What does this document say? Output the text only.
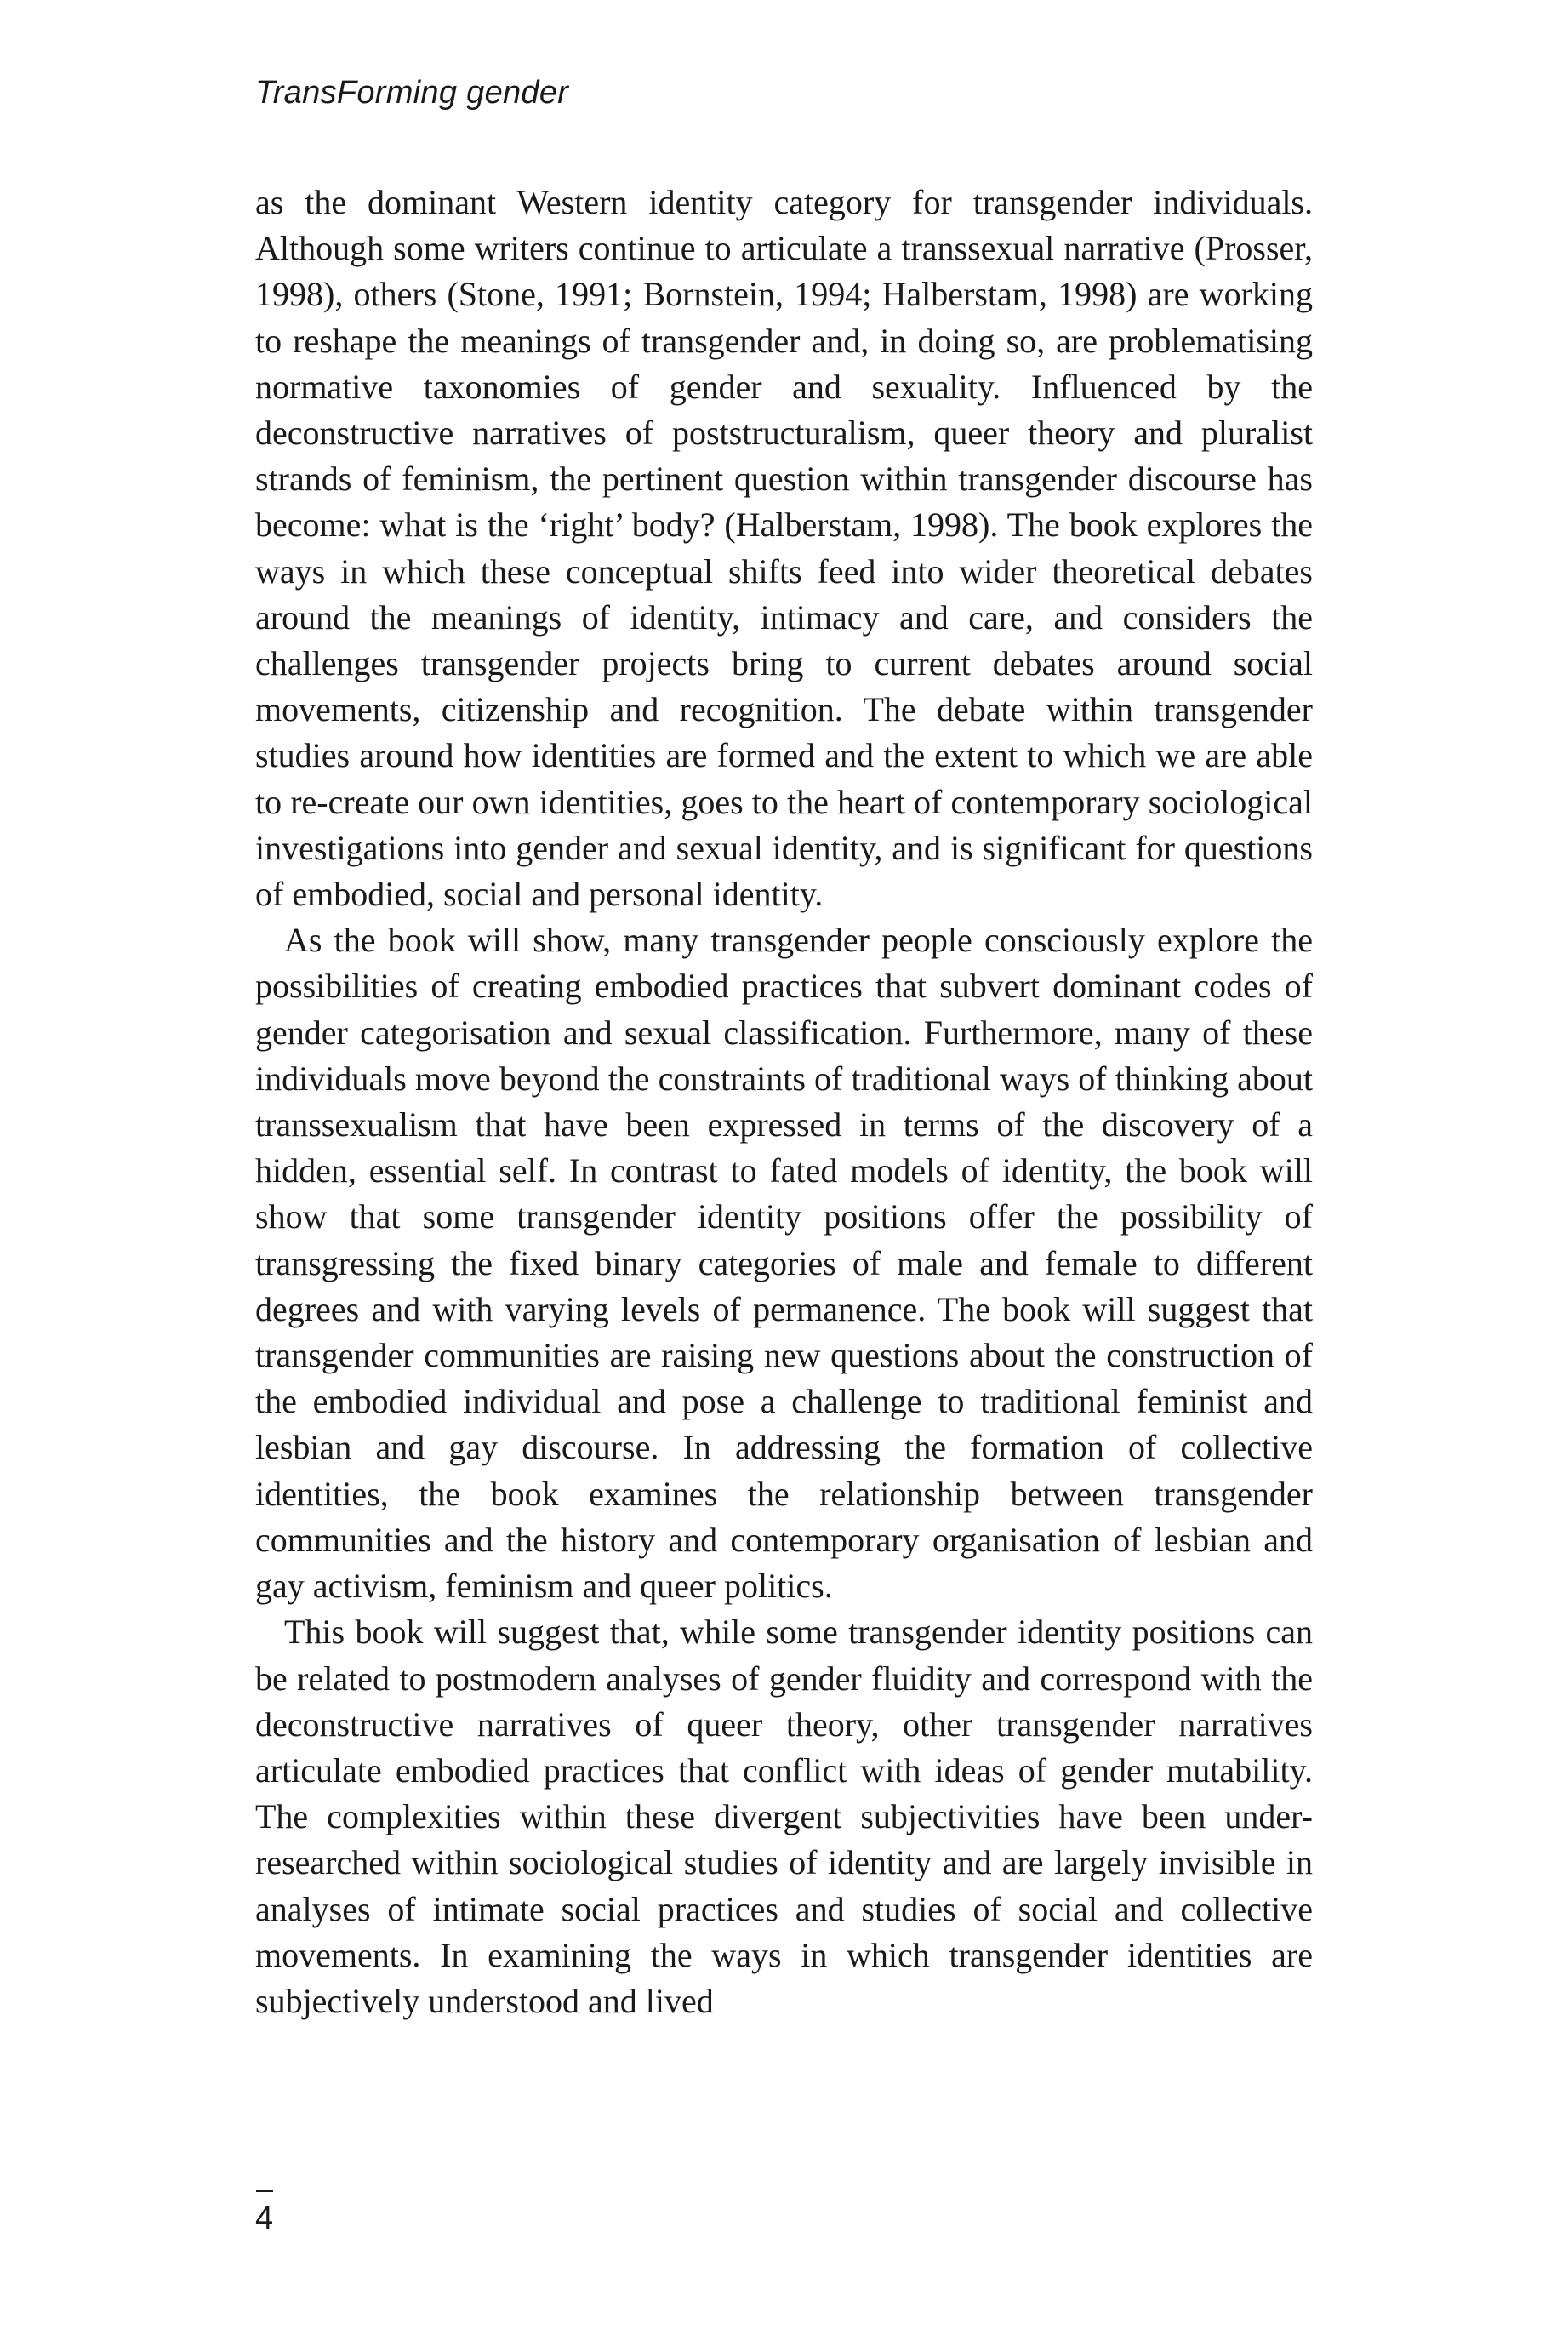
TransForming gender

as the dominant Western identity category for transgender individuals. Although some writers continue to articulate a transsexual narrative (Prosser, 1998), others (Stone, 1991; Bornstein, 1994; Halberstam, 1998) are working to reshape the meanings of transgender and, in doing so, are problematising normative taxonomies of gender and sexuality. Influenced by the deconstructive narratives of poststructuralism, queer theory and pluralist strands of feminism, the pertinent question within transgender discourse has become: what is the ‘right’ body? (Halberstam, 1998). The book explores the ways in which these conceptual shifts feed into wider theoretical debates around the meanings of identity, intimacy and care, and considers the challenges transgender projects bring to current debates around social movements, citizenship and recognition. The debate within transgender studies around how identities are formed and the extent to which we are able to re-create our own identities, goes to the heart of contemporary sociological investigations into gender and sexual identity, and is significant for questions of embodied, social and personal identity.

As the book will show, many transgender people consciously explore the possibilities of creating embodied practices that subvert dominant codes of gender categorisation and sexual classification. Furthermore, many of these individuals move beyond the constraints of traditional ways of thinking about transsexualism that have been expressed in terms of the discovery of a hidden, essential self. In contrast to fated models of identity, the book will show that some transgender identity positions offer the possibility of transgressing the fixed binary categories of male and female to different degrees and with varying levels of permanence. The book will suggest that transgender communities are raising new questions about the construction of the embodied individual and pose a challenge to traditional feminist and lesbian and gay discourse. In addressing the formation of collective identities, the book examines the relationship between transgender communities and the history and contemporary organisation of lesbian and gay activism, feminism and queer politics.

This book will suggest that, while some transgender identity positions can be related to postmodern analyses of gender fluidity and correspond with the deconstructive narratives of queer theory, other transgender narratives articulate embodied practices that conflict with ideas of gender mutability. The complexities within these divergent subjectivities have been under-researched within sociological studies of identity and are largely invisible in analyses of intimate social practices and studies of social and collective movements. In examining the ways in which transgender identities are subjectively understood and lived

4
